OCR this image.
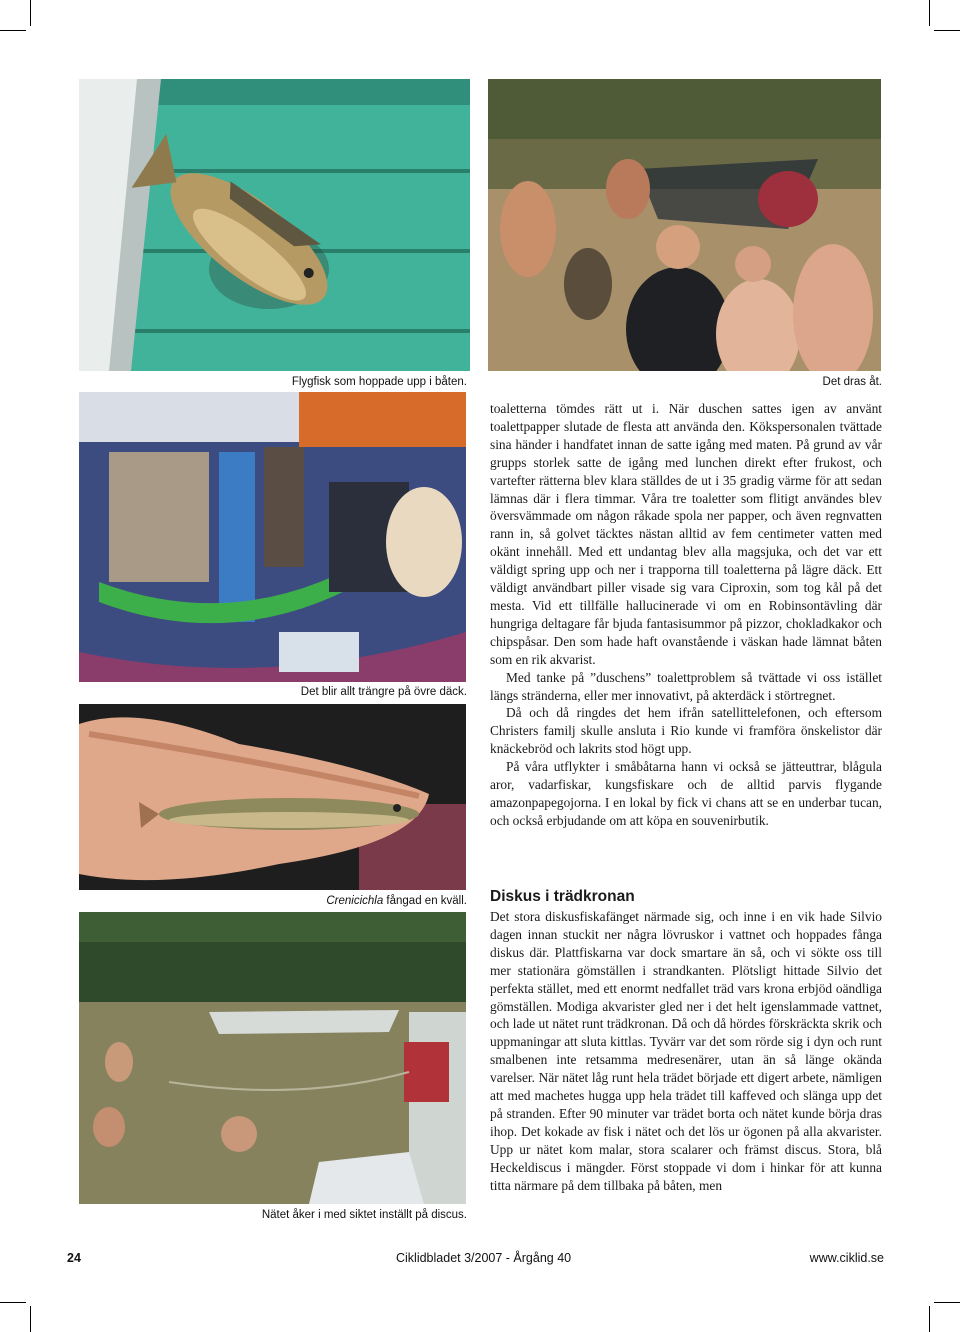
Flygfisk som hoppade upp i båten.	Det dras åt.
Det blir allt trängre på övre däck.
Crenicichla fångad en kväll.
Nätet åker i med siktet inställt på discus.

toaletterna tömdes rätt ut i. När duschen sattes igen av använt toalettpapper slutade de flesta att använda den. Kökspersonalen tvättade sina händer i handfatet innan de satte igång med maten. På grund av vår grupps storlek satte de igång med lunchen direkt efter frukost, och vartefter rätterna blev klara ställdes de ut i 35 gradig värme för att sedan lämnas där i flera timmar. Våra tre toaletter som flitigt användes blev översvämmade om någon råkade spola ner papper, och även regnvatten rann in, så golvet täcktes nästan alltid av fem centimeter vatten med okänt innehåll. Med ett undantag blev alla magsjuka, och det var ett väldigt spring upp och ner i trapporna till toaletterna på lägre däck. Ett väldigt användbart piller visade sig vara Ciproxin, som tog kål på det mesta. Vid ett tillfälle hallucinerade vi om en Robinsontävling där hungriga deltagare får bjuda fantasisummor på pizzor, chokladkakor och chipspåsar. Den som hade haft ovanstående i väskan hade lämnat båten som en rik akvarist.

Med tanke på ”duschens” toalettproblem så tvättade vi oss istället längs stränderna, eller mer innovativt, på akterdäck i störtregnet.

Då och då ringdes det hem ifrån satellittelefonen, och eftersom Christers familj skulle ansluta i Rio kunde vi framföra önskelistor där knäckebröd och lakrits stod högt upp.

På våra utflykter i småbåtarna hann vi också se jätteuttrar, blågula aror, vadarfiskar, kungsfiskare och de alltid parvis flygande amazonpapegojorna. I en lokal by fick vi chans att se en underbar tucan, och också erbjudande om att köpa en souvenirbutik.

Diskus i trädkronan

Det stora diskusfiskafänget närmade sig, och inne i en vik hade Silvio dagen innan stuckit ner några lövruskor i vattnet och hoppades fånga diskus där. Plattfiskarna var dock smartare än så, och vi sökte oss till mer stationära gömställen i strandkanten. Plötsligt hittade Silvio det perfekta stället, med ett enormt nedfallet träd vars krona erbjöd oändliga gömställen. Modiga akvarister gled ner i det helt igenslammade vattnet, och lade ut nätet runt trädkronan. Då och då hördes förskräckta skrik och uppmaningar att sluta kittlas. Tyvärr var det som rörde sig i dyn och runt smalbenen inte retsamma medresenärer, utan än så länge okända varelser. När nätet låg runt hela trädet började ett digert arbete, nämligen att med machetes hugga upp hela trädet till kaffeved och slänga upp det på stranden. Efter 90 minuter var trädet borta och nätet kunde börja dras ihop. Det kokade av fisk i nätet och det lös ur ögonen på alla akvarister. Upp ur nätet kom malar, stora scalarer och främst discus. Stora, blå Heckeldiscus i mängder. Först stoppade vi dom i hinkar för att kunna titta närmare på dem tillbaka på båten, men

24	Ciklidbladet 3/2007 - Årgång 40	www.ciklid.se
